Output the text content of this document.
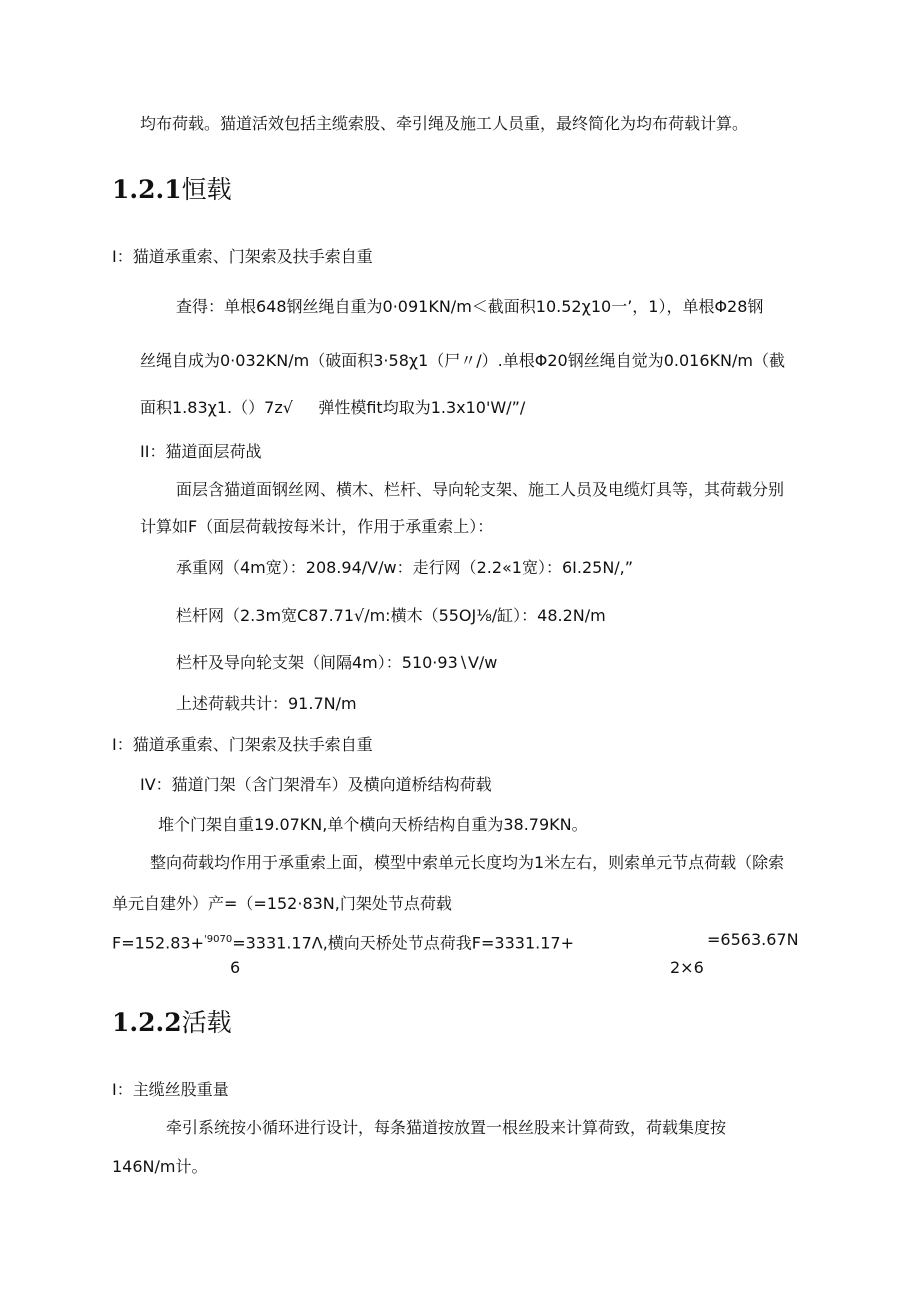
均布荷载。猫道活效包括主缆索股、牵引绳及施工人员重，最终简化为均布荷载计算。
1.2.1恒载
I：猫道承重索、门架索及扶手索自重
查得：单根648钢丝绳自重为0·091KN∕m＜截面积10.52χ10一’，1），单根Φ28钢
丝绳自成为0·032KN∕m（破面积3·58χ1（尸〃/）.单根Φ20钢丝绳自觉为0.016KN∕m（截
面积1.83χ1.（）7z√     弹性模fit均取为1.3x10'W/”/
II：猫道面层荷战
面层含猫道面钢丝网、横木、栏杆、导向轮支架、施工人员及电缆灯具等，其荷载分别
计算如F（面层荷载按每米计，作用于承重索上）：
承重网（4m宽）：208.94∕V∕w：走行网（2.2«1宽）：6I.25N/,”
栏杆网（2.3m宽C87.71√∕m:横木（55OJ⅛∕缸）：48.2N∕m
栏杆及导向轮支架（间隔4m）：510·93∖V∕w
上述荷载共计：91.7N∕m
I：猫道承重索、门架索及扶手索自重
IV：猫道门架（含门架滑车）及横向道桥结构荷载
堆个门架自重19.07KN,单个横向天桥结构自重为38.79KN。
整向荷载均作用于承重索上面，模型中索单元长度均为1米左右，则索单元节点荷载（除索
单元自建外）产=（=152·83N,门架处节点荷载
F=152.83+$^{'9070}$=3331.17Λ,横向天桥处节点荷我F=3331.17+	=6563.67N
6	2×6
1.2.2活载
I：主缆丝股重量
牵引系统按小循环进行设计，每条猫道按放置一根丝股来计算荷致，荷载集度按
146N∕m计。
